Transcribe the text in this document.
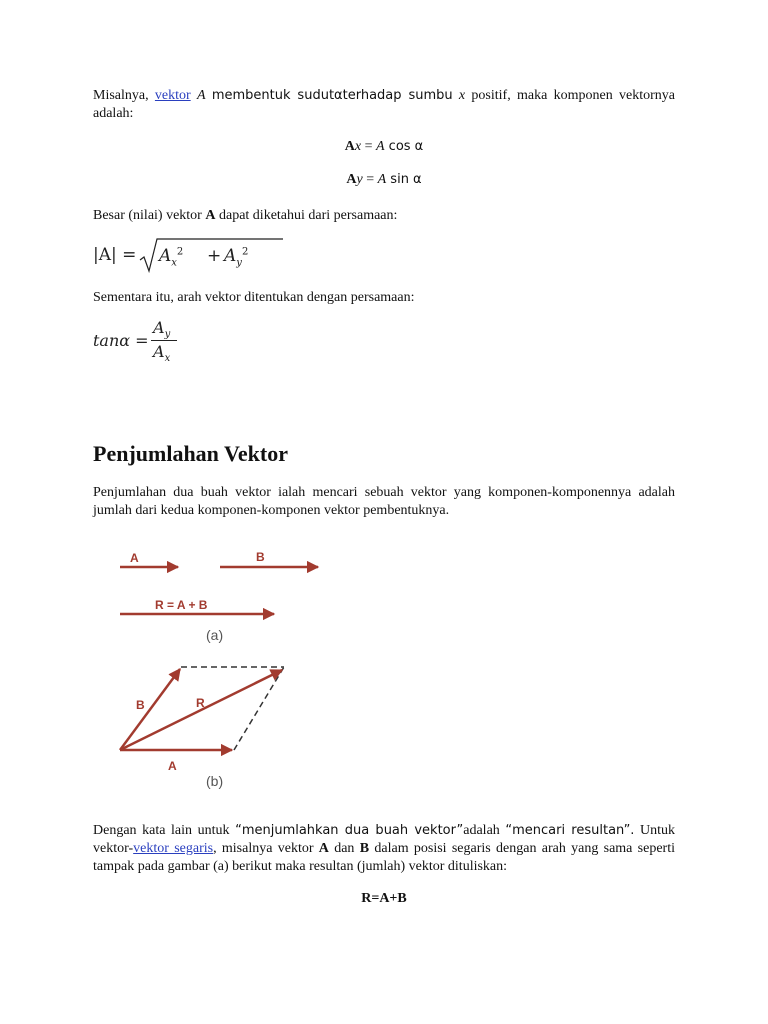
Misalnya, vektor A membentuk sudutαterhadap sumbu x positif, maka komponen vektornya adalah:

Ax = A cos α

Ay = A sin α

Besar (nilai) vektor A dapat diketahui dari persamaan:

$|A| = A_x^2 + A_y^2$

Sementara itu, arah vektor ditentukan dengan persamaan:

tanα =
$A_y$
$A_x$
Penjumlahan Vektor

Penjumlahan dua buah vektor ialah mencari sebuah vektor yang komponen-komponennya adalah jumlah dari kedua komponen-komponen vektor pembentuknya.

A	B
R = A + B
(a)
B	R
A
(b)

Dengan kata lain untuk “menjumlahkan dua buah vektor”adalah “mencari resultan”. Untuk vektor-vektor segaris, misalnya vektor A dan B dalam posisi segaris dengan arah yang sama seperti tampak pada gambar (a) berikut maka resultan (jumlah) vektor dituliskan:

R=A+B
